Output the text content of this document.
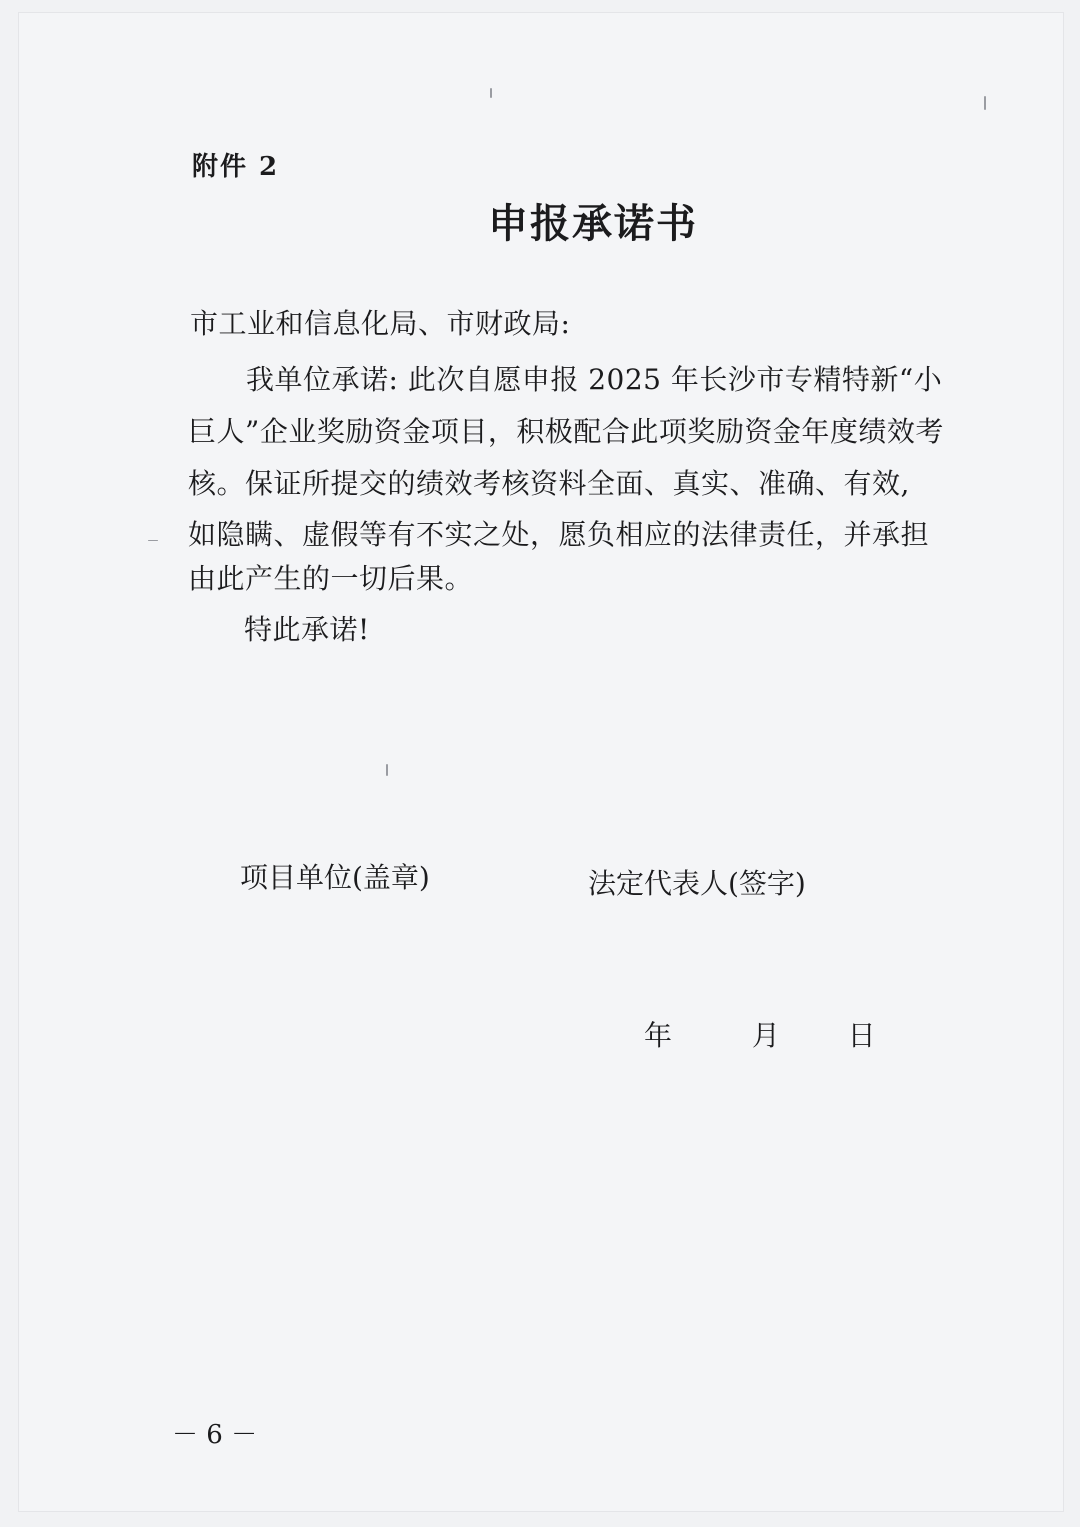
附件 2
申报承诺书
市工业和信息化局、市财政局:
我单位承诺: 此次自愿申报 2025 年长沙市专精特新“小
巨人”企业奖励资金项目，积极配合此项奖励资金年度绩效考
核。保证所提交的绩效考核资料全面、真实、准确、有效,
如隐瞒、虚假等有不实之处，愿负相应的法律责任，并承担
由此产生的一切后果。
特此承诺!
项目单位(盖章)	法定代表人(签字)
年	月 日
－ 6 －
